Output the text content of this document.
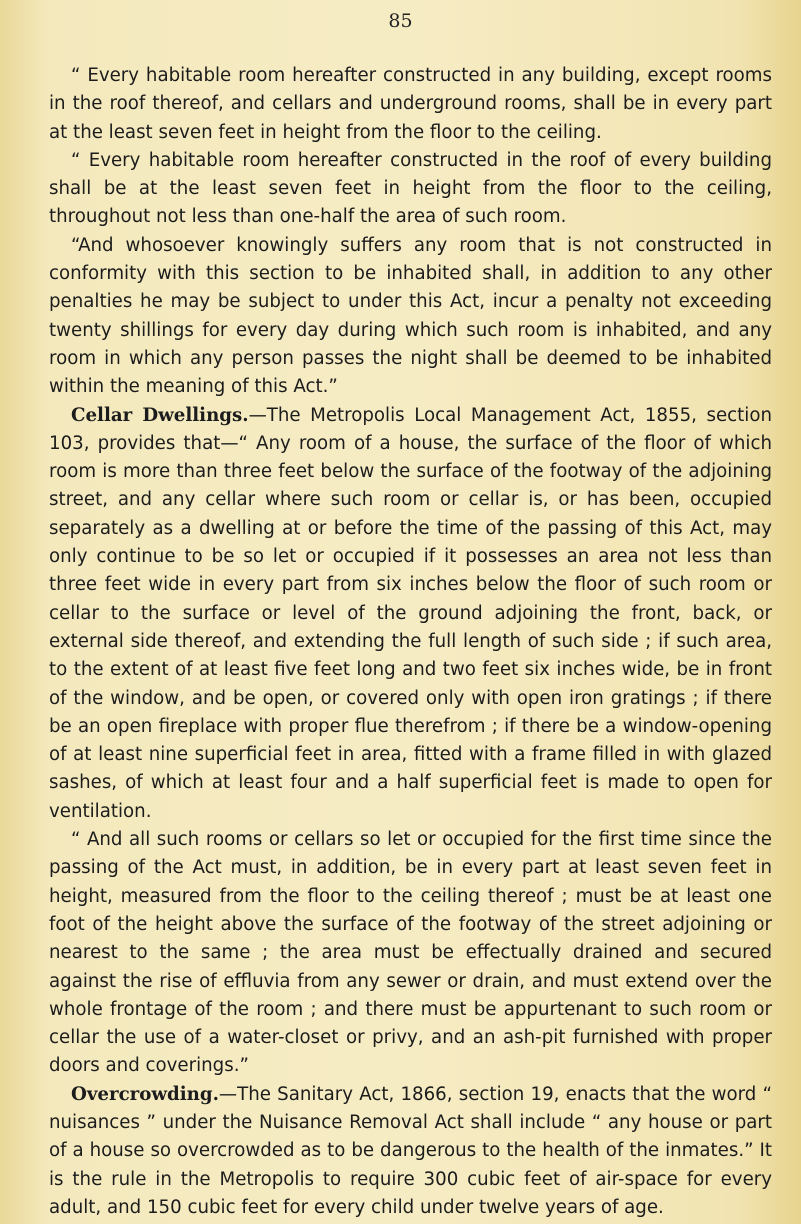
85

“ Every habitable room hereafter constructed in any building, except rooms in the roof thereof, and cellars and underground rooms, shall be in every part at the least seven feet in height from the floor to the ceiling.

“ Every habitable room hereafter constructed in the roof of every building shall be at the least seven feet in height from the floor to the ceiling, throughout not less than one-half the area of such room.

“And whosoever knowingly suffers any room that is not constructed in conformity with this section to be inhabited shall, in addition to any other penalties he may be subject to under this Act, incur a penalty not exceeding twenty shillings for every day during which such room is inhabited, and any room in which any person passes the night shall be deemed to be inhabited within the meaning of this Act.”

Cellar Dwellings.—The Metropolis Local Management Act, 1855, section 103, provides that—“ Any room of a house, the surface of the floor of which room is more than three feet below the surface of the footway of the adjoining street, and any cellar where such room or cellar is, or has been, occupied separately as a dwelling at or before the time of the passing of this Act, may only continue to be so let or occupied if it possesses an area not less than three feet wide in every part from six inches below the floor of such room or cellar to the surface or level of the ground adjoining the front, back, or external side thereof, and extending the full length of such side ; if such area, to the extent of at least five feet long and two feet six inches wide, be in front of the window, and be open, or covered only with open iron gratings ; if there be an open fireplace with proper flue therefrom ; if there be a window-opening of at least nine superficial feet in area, fitted with a frame filled in with glazed sashes, of which at least four and a half superficial feet is made to open for ventilation.

“ And all such rooms or cellars so let or occupied for the first time since the passing of the Act must, in addition, be in every part at least seven feet in height, measured from the floor to the ceiling thereof ; must be at least one foot of the height above the surface of the footway of the street adjoining or nearest to the same ; the area must be effectually drained and secured against the rise of effluvia from any sewer or drain, and must extend over the whole frontage of the room ; and there must be appurtenant to such room or cellar the use of a water-closet or privy, and an ash-pit furnished with proper doors and coverings.”

Overcrowding.—The Sanitary Act, 1866, section 19, enacts that the word “ nuisances ” under the Nuisance Removal Act shall include “ any house or part of a house so overcrowded as to be dangerous to the health of the inmates.” It is the rule in the Metropolis to require 300 cubic feet of air-space for every adult, and 150 cubic feet for every child under twelve years of age.
